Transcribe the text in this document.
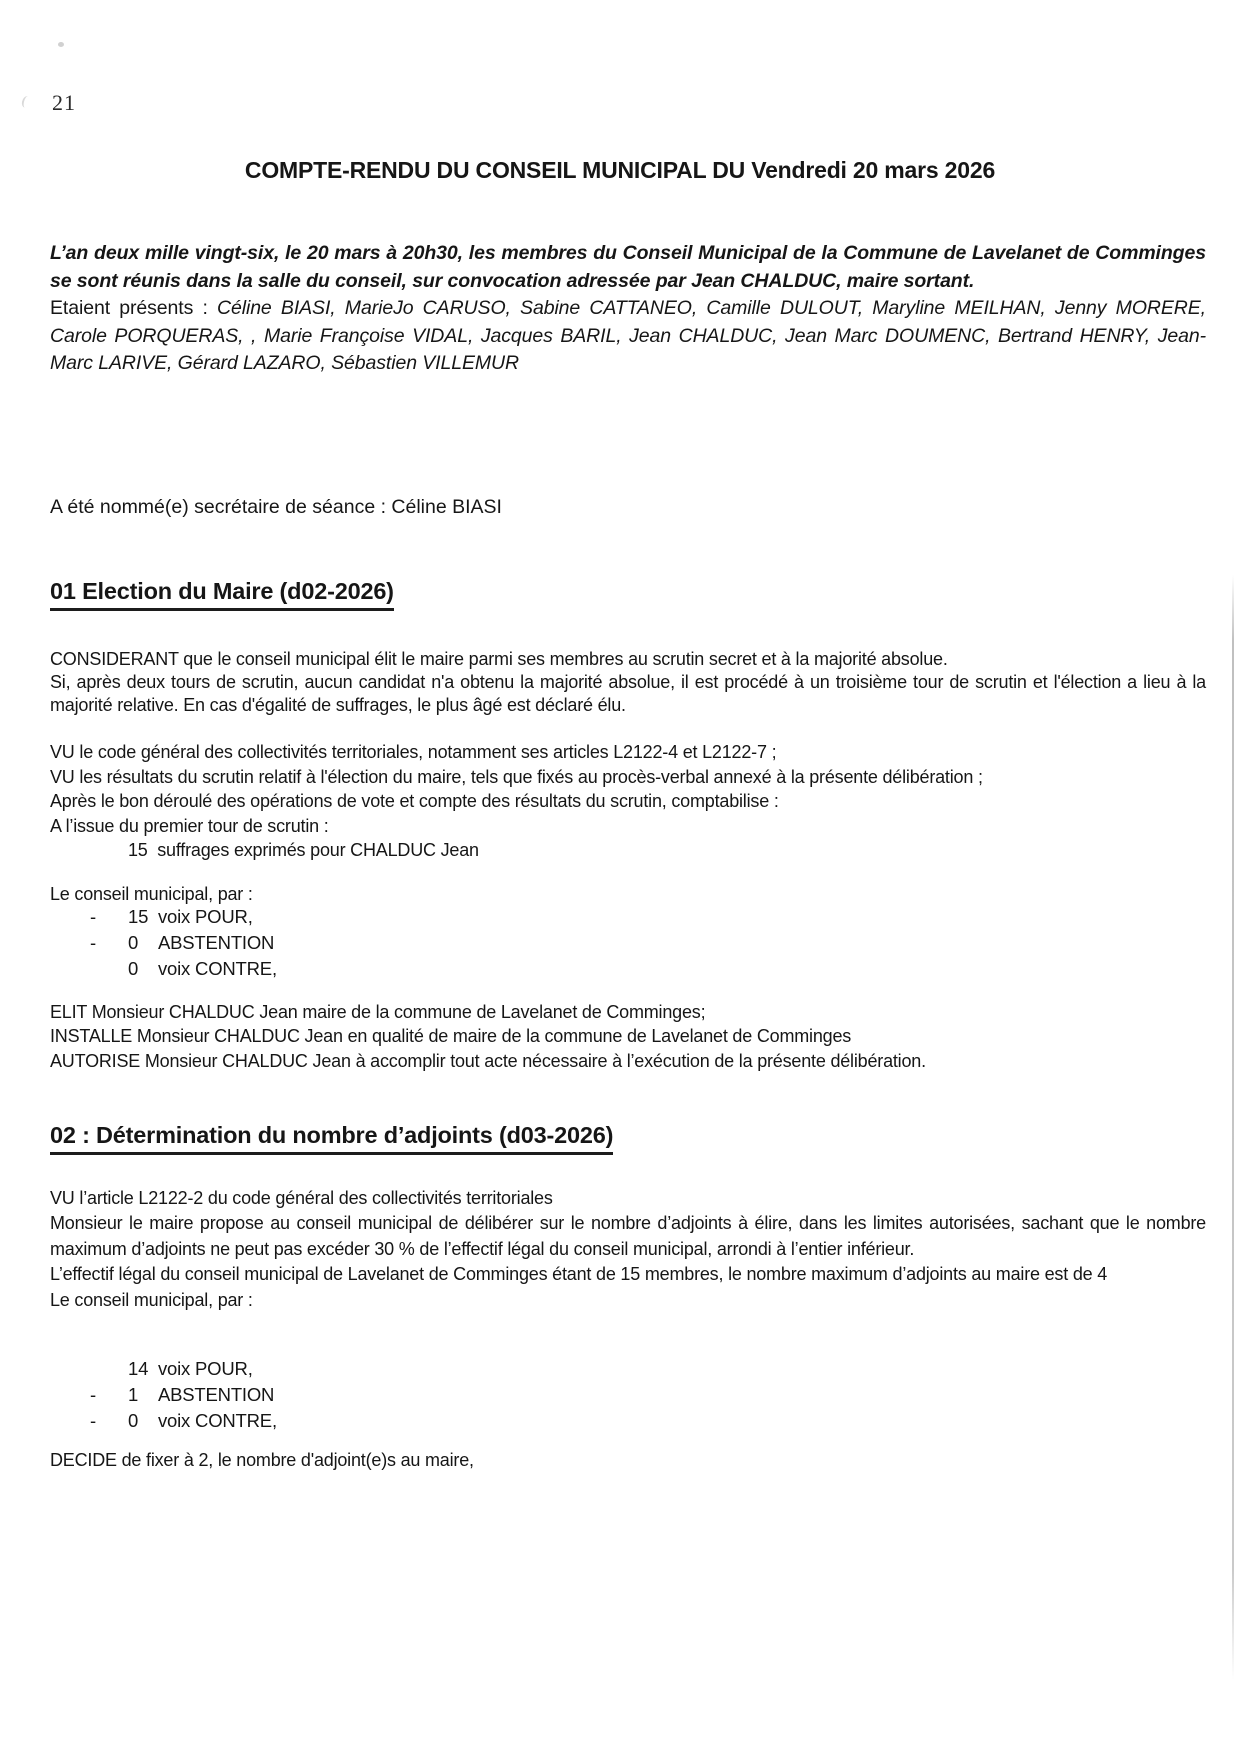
21
COMPTE-RENDU DU CONSEIL MUNICIPAL DU Vendredi 20 mars 2026

L’an deux mille vingt-six, le 20 mars à 20h30, les membres du Conseil Municipal de la Commune de Lavelanet de Comminges se sont réunis dans la salle du conseil, sur convocation adressée par Jean CHALDUC, maire sortant.

Etaient présents : Céline BIASI, MarieJo CARUSO, Sabine CATTANEO, Camille DULOUT, Maryline MEILHAN, Jenny MORERE, Carole PORQUERAS, , Marie Françoise VIDAL, Jacques BARIL, Jean CHALDUC, Jean Marc DOUMENC, Bertrand HENRY, Jean-Marc LARIVE, Gérard LAZARO, Sébastien VILLEMUR

A été nommé(e) secrétaire de séance : Céline BIASI
01 Election du Maire (d02-2026)

CONSIDERANT que le conseil municipal élit le maire parmi ses membres au scrutin secret et à la majorité absolue.

Si, après deux tours de scrutin, aucun candidat n'a obtenu la majorité absolue, il est procédé à un troisième tour de scrutin et l'élection a lieu à la majorité relative. En cas d'égalité de suffrages, le plus âgé est déclaré élu.

VU le code général des collectivités territoriales, notamment ses articles L2122-4 et L2122-7 ;

VU les résultats du scrutin relatif à l'élection du maire, tels que fixés au procès-verbal annexé à la présente délibération ;

Après le bon déroulé des opérations de vote et compte des résultats du scrutin, comptabilise :

A l’issue du premier tour de scrutin :

15  suffrages exprimés pour CHALDUC Jean
Le conseil municipal, par :
- 15 voix POUR,
- 0 ABSTENTION
0 voix CONTRE,

ELIT Monsieur CHALDUC Jean maire de la commune de Lavelanet de Comminges;

INSTALLE Monsieur CHALDUC Jean en qualité de maire de la commune de Lavelanet de Comminges

AUTORISE Monsieur CHALDUC Jean à accomplir tout acte nécessaire à l’exécution de la présente délibération.

02 : Détermination du nombre d’adjoints (d03-2026)

VU l’article L2122-2 du code général des collectivités territoriales

Monsieur le maire propose au conseil municipal de délibérer sur le nombre d’adjoints à élire, dans les limites autorisées, sachant que le nombre maximum d’adjoints ne peut pas excéder 30 % de l’effectif légal du conseil municipal, arrondi à l’entier inférieur.

L’effectif légal du conseil municipal de Lavelanet de Comminges étant de 15 membres, le nombre maximum d’adjoints au maire est de 4

Le conseil municipal, par :

14 voix POUR,
- 1 ABSTENTION
- 0 voix CONTRE,
DECIDE de fixer à 2, le nombre d'adjoint(e)s au maire,
